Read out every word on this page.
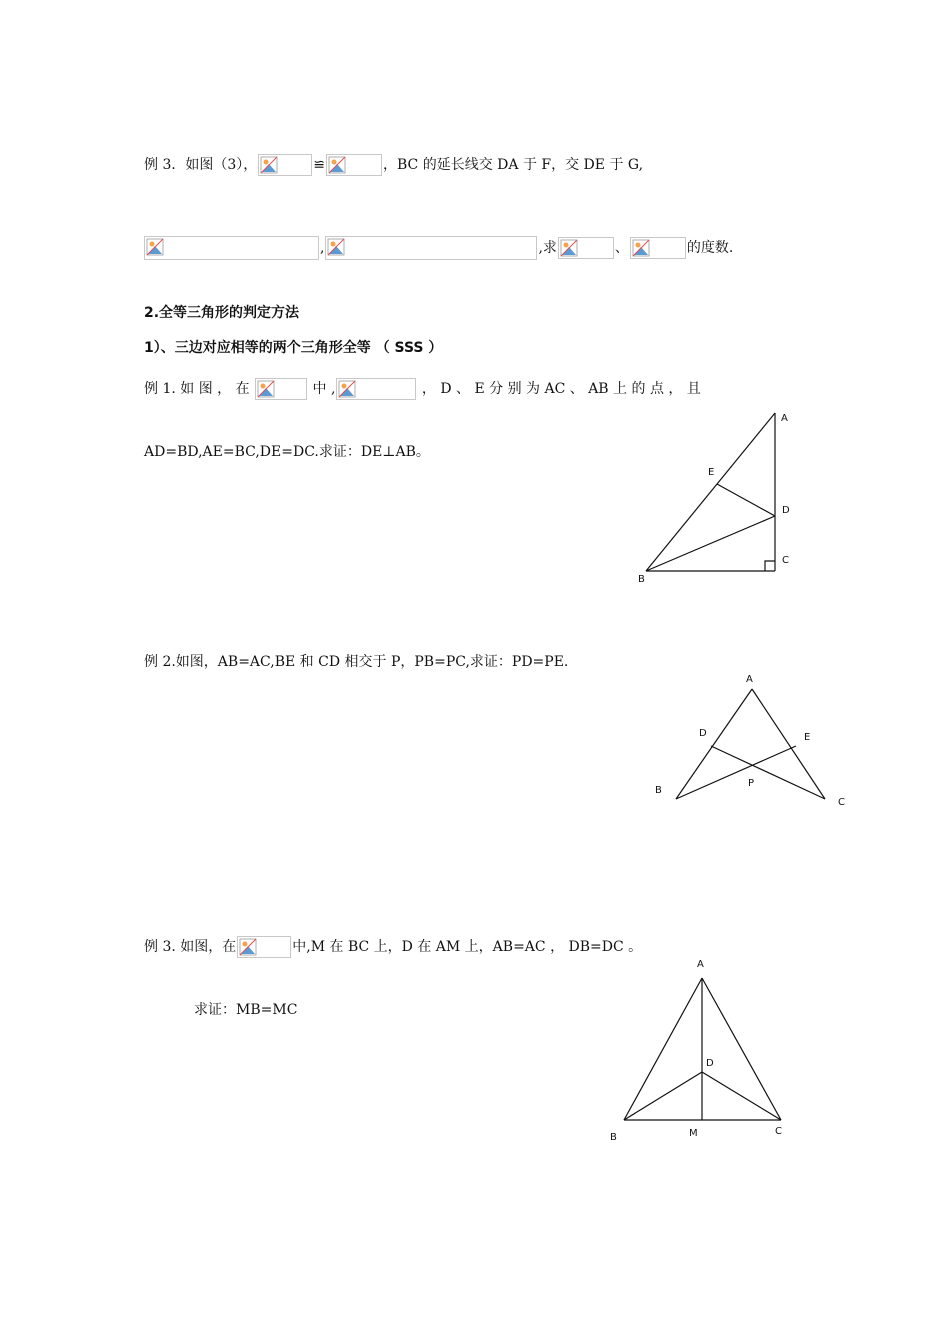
例 3．如图（3），	≌	，BC 的延长线交 DA 于 F，交 DE 于 G,
,	,求	、	的度数.
2.全等三角形的判定方法
1）、三边对应相等的两个三角形全等 （ SSS ）
例 1. 如 图 ， 在	中 ,	， D 、 E 分 别 为 AC 、 AB 上 的 点 ， 且
AD=BD,AE=BC,DE=DC.求证：DE⊥AB。
A
E
D
C
B
例 2.如图，AB=AC,BE 和 CD 相交于 P，PB=PC,求证：PD=PE.
A
D	E
P
B
C
例 3. 如图，在	中,M 在 BC 上，D 在 AM 上，AB=AC ， DB=DC 。
求证：MB=MC
A
D
B	M	C
